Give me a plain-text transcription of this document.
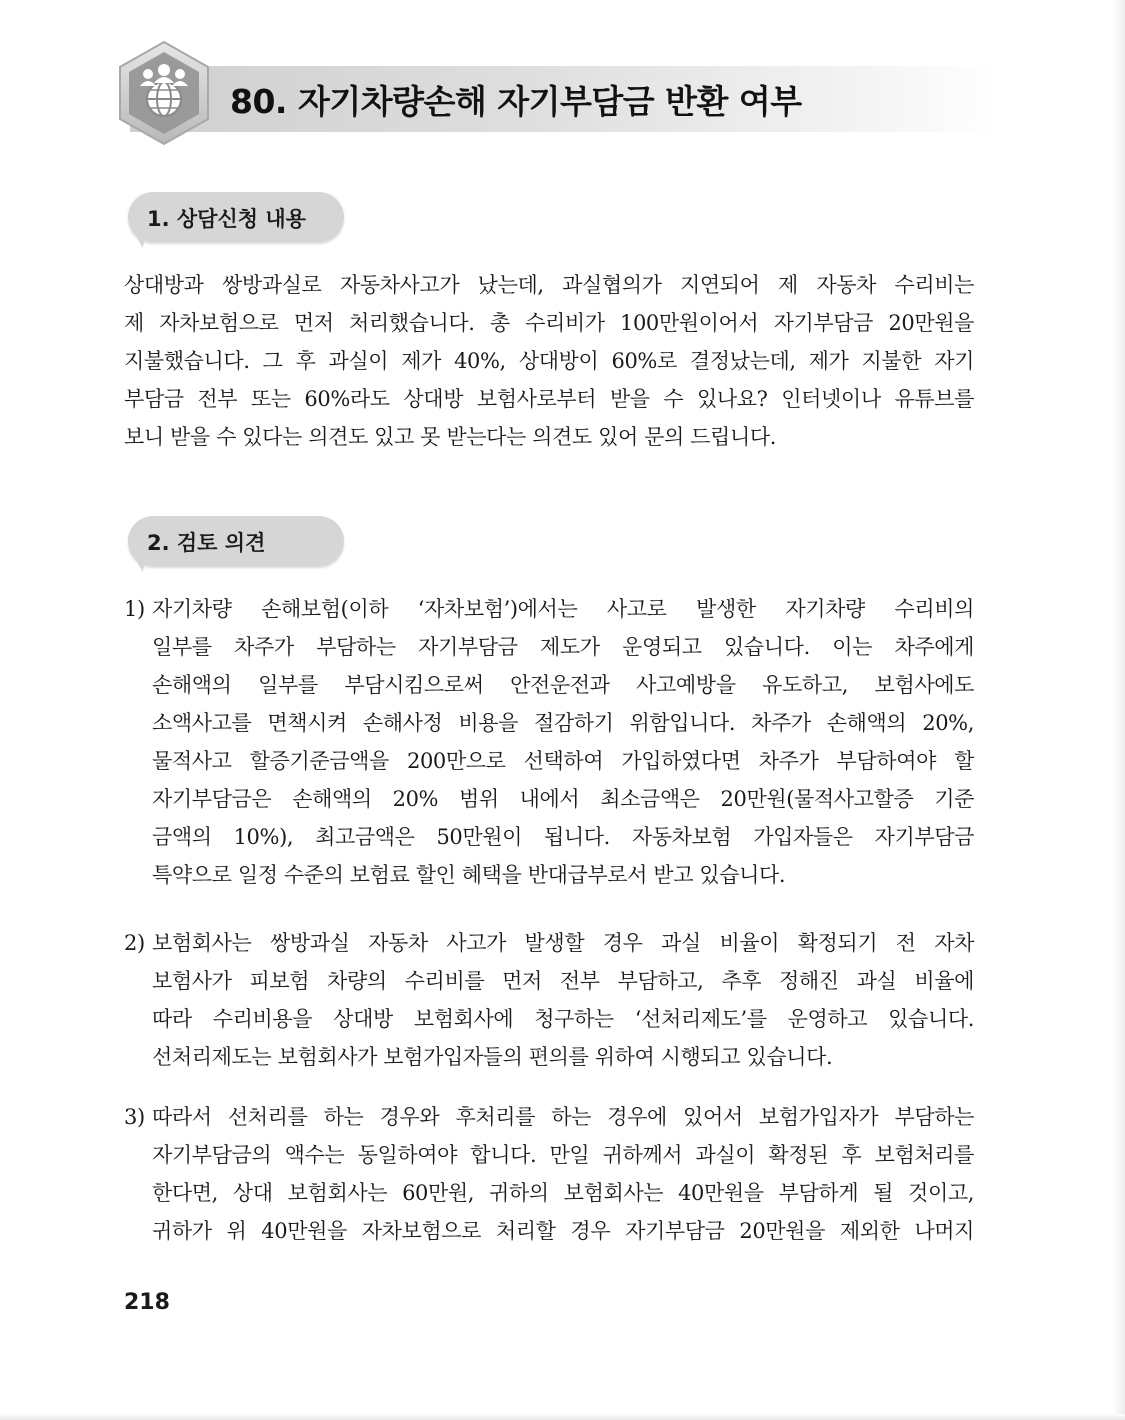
80. 자기차량손해 자기부담금 반환 여부
1. 상담신청 내용
상대방과 쌍방과실로 자동차사고가 났는데, 과실협의가 지연되어 제 자동차 수리비는
제 자차보험으로 먼저 처리했습니다. 총 수리비가 100만원이어서 자기부담금 20만원을
지불했습니다. 그 후 과실이 제가 40%, 상대방이 60%로 결정났는데, 제가 지불한 자기
부담금 전부 또는 60%라도 상대방 보험사로부터 받을 수 있나요? 인터넷이나 유튜브를
보니 받을 수 있다는 의견도 있고 못 받는다는 의견도 있어 문의 드립니다.
2. 검토 의견
1) 자기차량 손해보험(이하 ‘자차보험’)에서는 사고로 발생한 자기차량 수리비의
일부를 차주가 부담하는 자기부담금 제도가 운영되고 있습니다. 이는 차주에게
손해액의 일부를 부담시킴으로써 안전운전과 사고예방을 유도하고, 보험사에도
소액사고를 면책시켜 손해사정 비용을 절감하기 위함입니다. 차주가 손해액의 20%,
물적사고 할증기준금액을 200만으로 선택하여 가입하였다면 차주가 부담하여야 할
자기부담금은 손해액의 20% 범위 내에서 최소금액은 20만원(물적사고할증 기준
금액의 10%), 최고금액은 50만원이 됩니다. 자동차보험 가입자들은 자기부담금
특약으로 일정 수준의 보험료 할인 혜택을 반대급부로서 받고 있습니다.
2) 보험회사는 쌍방과실 자동차 사고가 발생할 경우 과실 비율이 확정되기 전 자차
보험사가 피보험 차량의 수리비를 먼저 전부 부담하고, 추후 정해진 과실 비율에
따라 수리비용을 상대방 보험회사에 청구하는 ‘선처리제도’를 운영하고 있습니다.
선처리제도는 보험회사가 보험가입자들의 편의를 위하여 시행되고 있습니다.
3) 따라서 선처리를 하는 경우와 후처리를 하는 경우에 있어서 보험가입자가 부담하는
자기부담금의 액수는 동일하여야 합니다. 만일 귀하께서 과실이 확정된 후 보험처리를
한다면, 상대 보험회사는 60만원, 귀하의 보험회사는 40만원을 부담하게 될 것이고,
귀하가 위 40만원을 자차보험으로 처리할 경우 자기부담금 20만원을 제외한 나머지
218
